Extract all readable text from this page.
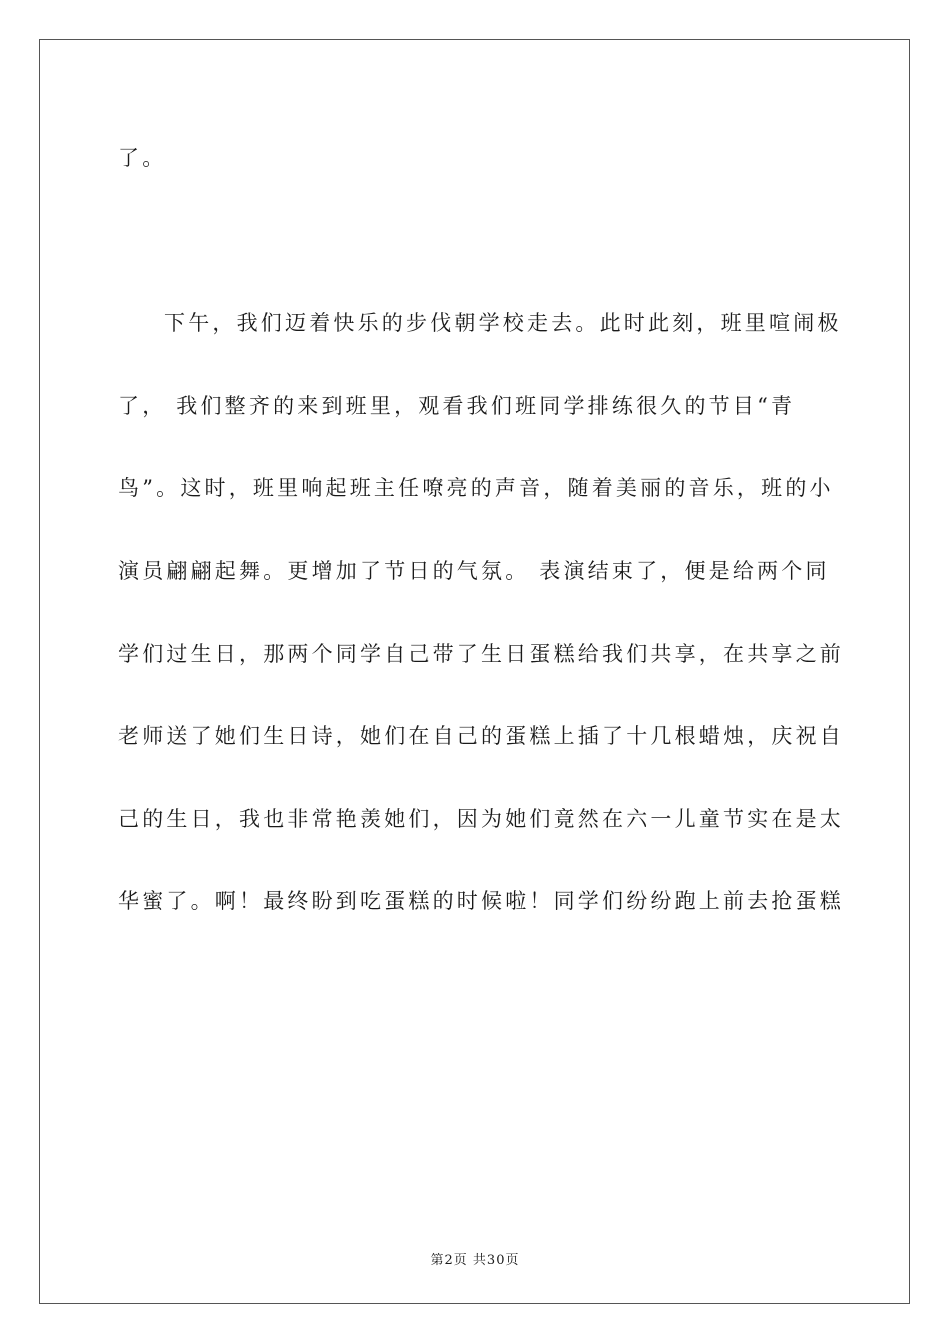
了。
下午，我们迈着快乐的步伐朝学校走去。此时此刻，班里喧闹极
了， 我们整齐的来到班里，观看我们班同学排练很久的节目“青
鸟”。这时，班里响起班主任嘹亮的声音，随着美丽的音乐，班的小
演员翩翩起舞。更增加了节日的气氛。 表演结束了，便是给两个同
学们过生日，那两个同学自己带了生日蛋糕给我们共享，在共享之前
老师送了她们生日诗，她们在自己的蛋糕上插了十几根蜡烛，庆祝自
己的生日，我也非常艳羡她们，因为她们竟然在六一儿童节实在是太
华蜜了。啊！最终盼到吃蛋糕的时候啦！同学们纷纷跑上前去抢蛋糕
第2页 共30页
